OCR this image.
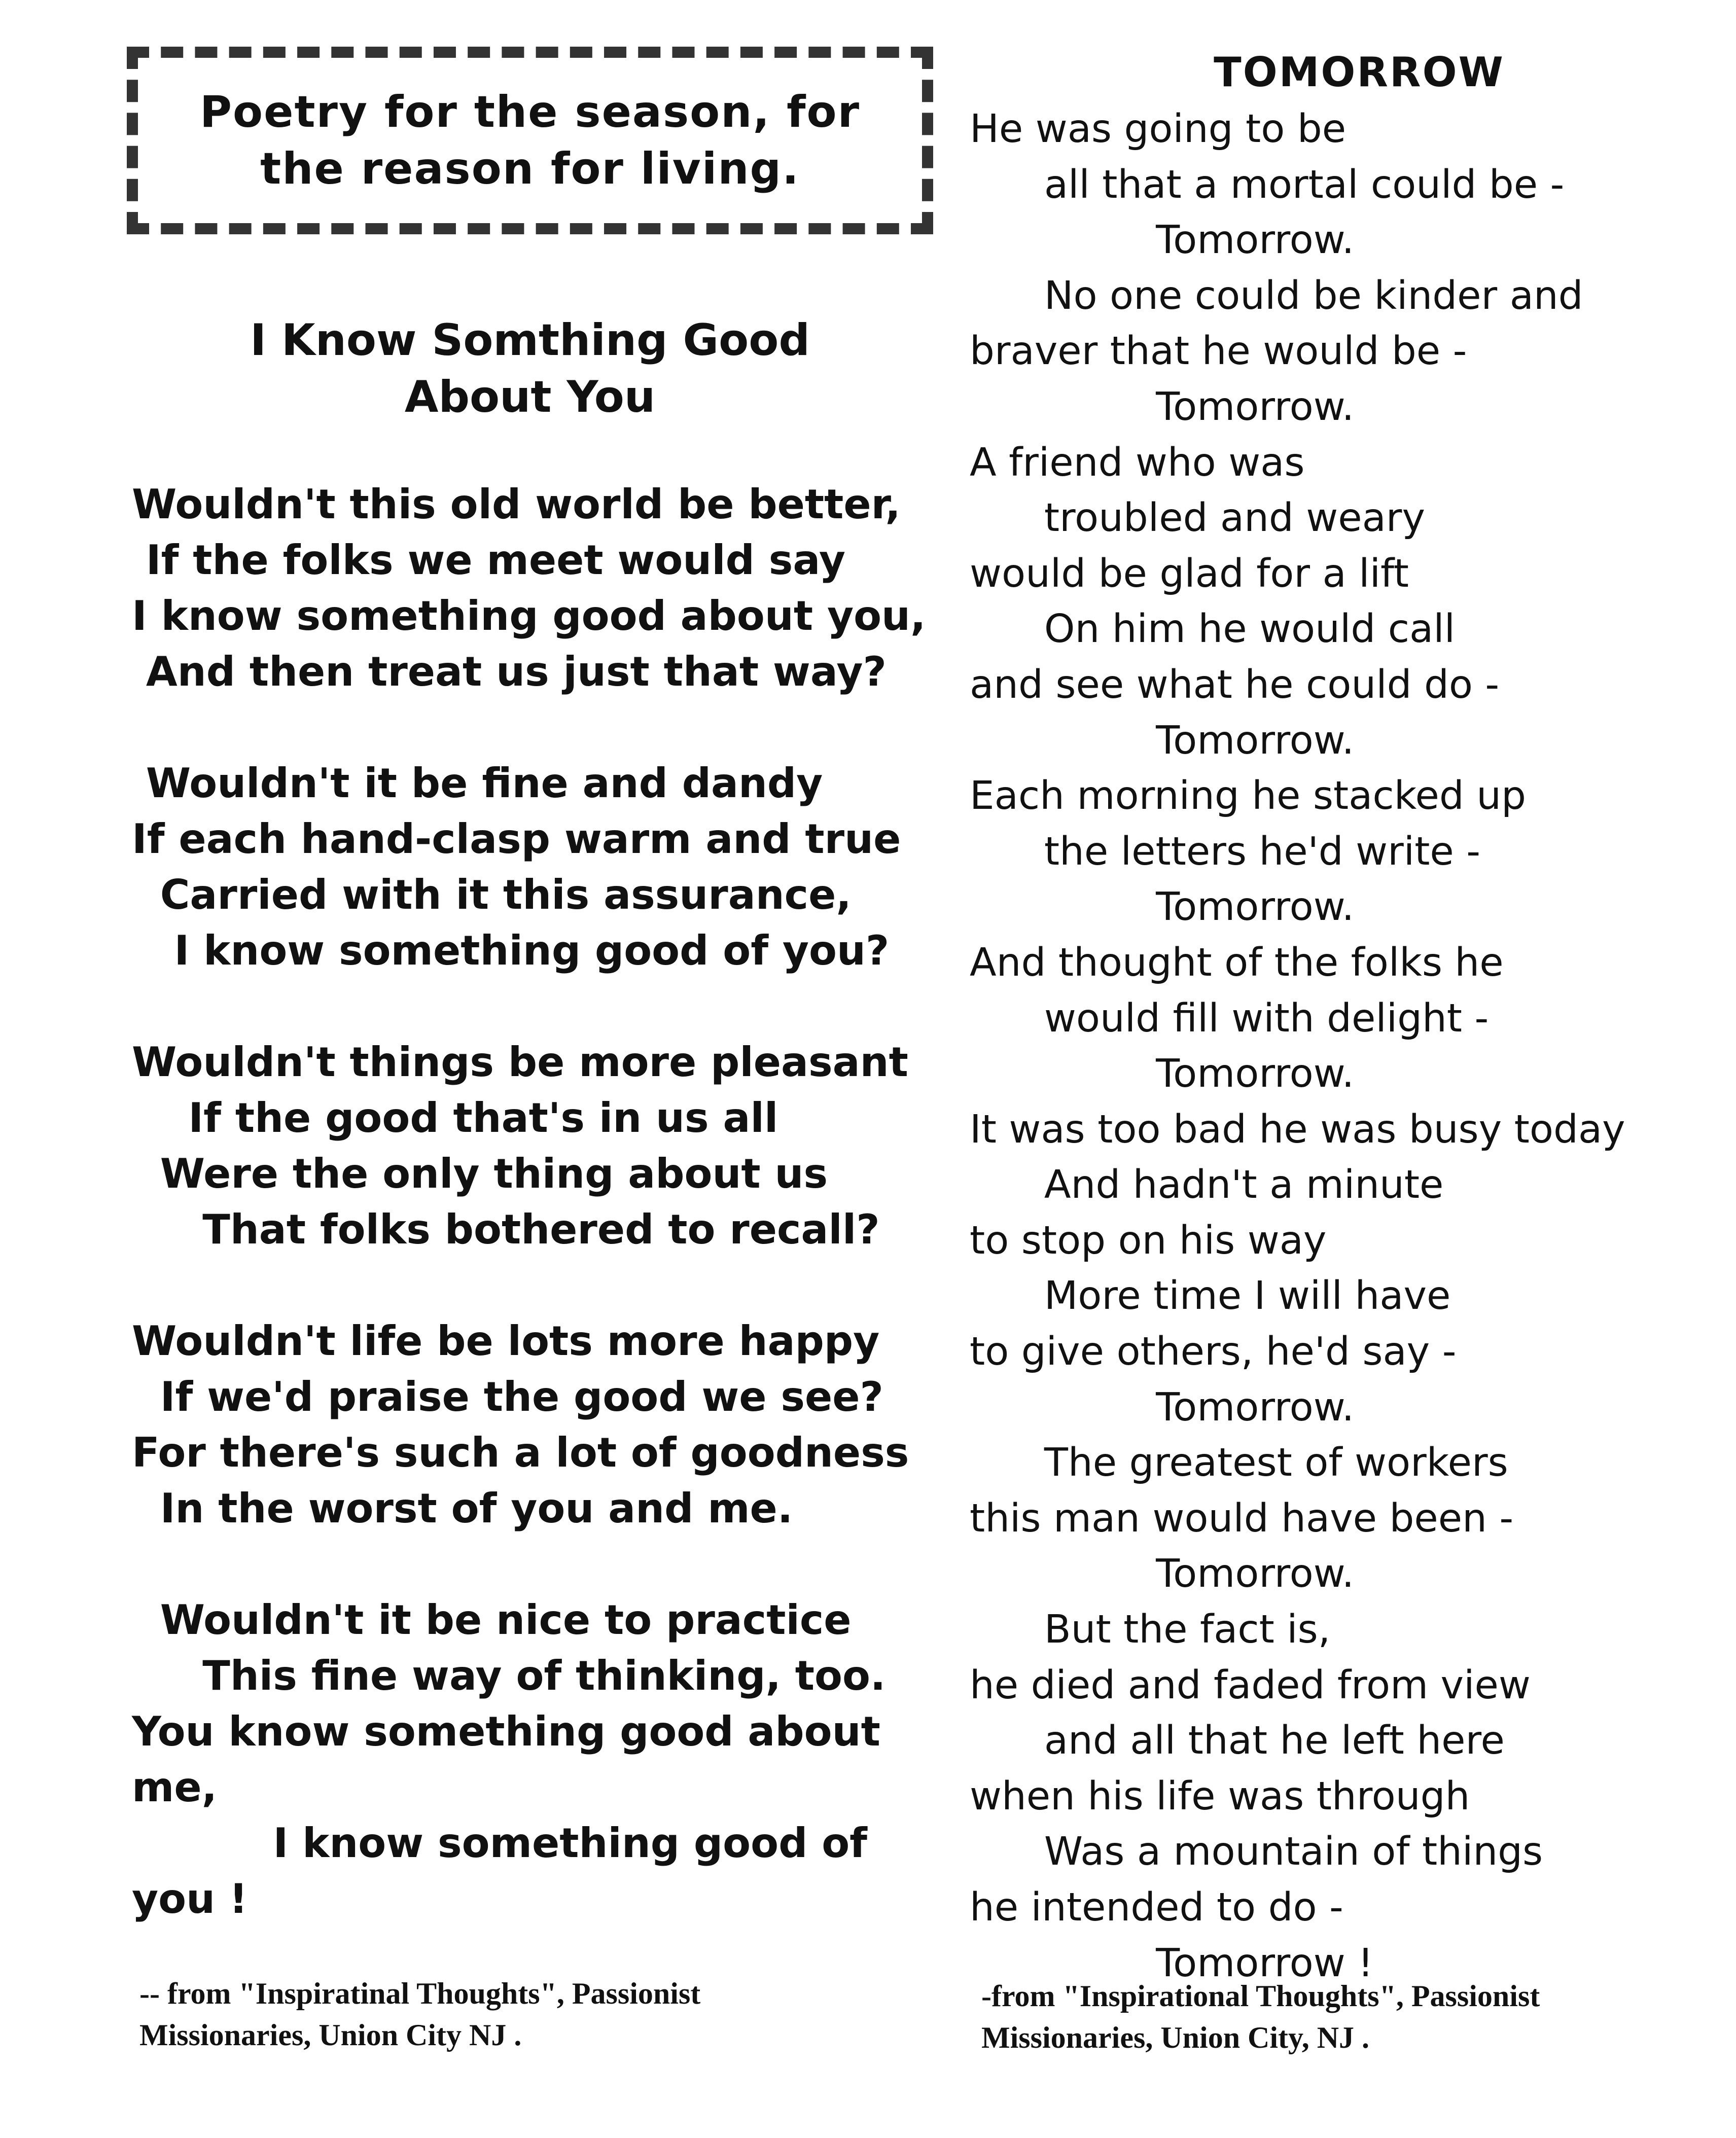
Poetry for the season, for
the reason for living.
I Know Somthing Good
About You
Wouldn't this old world be better,
If the folks we meet would say
I know something good about you,
And then treat us just that way?
Wouldn't it be fine and dandy
If each hand-clasp warm and true
Carried with it this assurance,
I know something good of you?
Wouldn't things be more pleasant
If the good that's in us all
Were the only thing about us
That folks bothered to recall?
Wouldn't life be lots more happy
If we'd praise the good we see?
For there's such a lot of goodness
In the worst of you and me.
Wouldn't it be nice to practice
This fine way of thinking, too.
You know something good about
me,
I know something good of
you !
-- from "Inspiratinal Thoughts", Passionist
Missionaries, Union City NJ .
TOMORROW
He was going to be
all that a mortal could be -
Tomorrow.
No one could be kinder and
braver that he would be -
Tomorrow.
A friend who was
troubled and weary
would be glad for a lift
On him he would call
and see what he could do -
Tomorrow.
Each morning he stacked up
the letters he'd write -
Tomorrow.
And thought of the folks he
would fill with delight -
Tomorrow.
It was too bad he was busy today
And hadn't a minute
to stop on his way
More time I will have
to give others, he'd say -
Tomorrow.
The greatest of workers
this man would have been -
Tomorrow.
But the fact is,
he died and faded from view
and all that he left here
when his life was through
Was a mountain of things
he intended to do -
Tomorrow !
-from "Inspirational Thoughts", Passionist
Missionaries, Union City, NJ .
